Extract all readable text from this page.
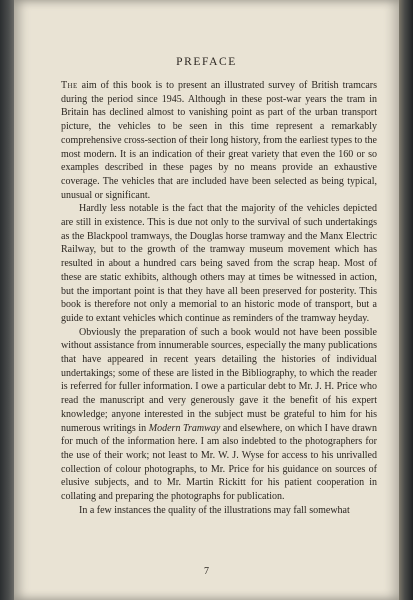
PREFACE

The aim of this book is to present an illustrated survey of British tramcars during the period since 1945. Although in these post-war years the tram in Britain has declined almost to vanishing point as part of the urban transport picture, the vehicles to be seen in this time represent a remarkably comprehensive cross-section of their long history, from the earliest types to the most modern. It is an indication of their great variety that even the 160 or so examples described in these pages by no means provide an exhaustive coverage. The vehicles that are included have been selected as being typical, unusual or significant.

Hardly less notable is the fact that the majority of the vehicles depicted are still in existence. This is due not only to the survival of such undertakings as the Blackpool tramways, the Douglas horse tramway and the Manx Electric Railway, but to the growth of the tramway museum movement which has resulted in about a hundred cars being saved from the scrap heap. Most of these are static exhibits, although others may at times be witnessed in action, but the important point is that they have all been preserved for posterity. This book is therefore not only a memorial to an historic mode of transport, but a guide to extant vehicles which continue as reminders of the tramway heyday.

Obviously the preparation of such a book would not have been possible without assistance from innumerable sources, especially the many publications that have appeared in recent years detailing the histories of individual undertakings; some of these are listed in the Bibliography, to which the reader is referred for fuller information. I owe a particular debt to Mr. J. H. Price who read the manuscript and very generously gave it the benefit of his expert knowledge; anyone interested in the subject must be grateful to him for his numerous writings in Modern Tramway and elsewhere, on which I have drawn for much of the information here. I am also indebted to the photographers for the use of their work; not least to Mr. W. J. Wyse for access to his unrivalled collection of colour photographs, to Mr. Price for his guidance on sources of elusive subjects, and to Mr. Martin Rickitt for his patient cooperation in collating and preparing the photographs for publication.

In a few instances the quality of the illustrations may fall somewhat

7
